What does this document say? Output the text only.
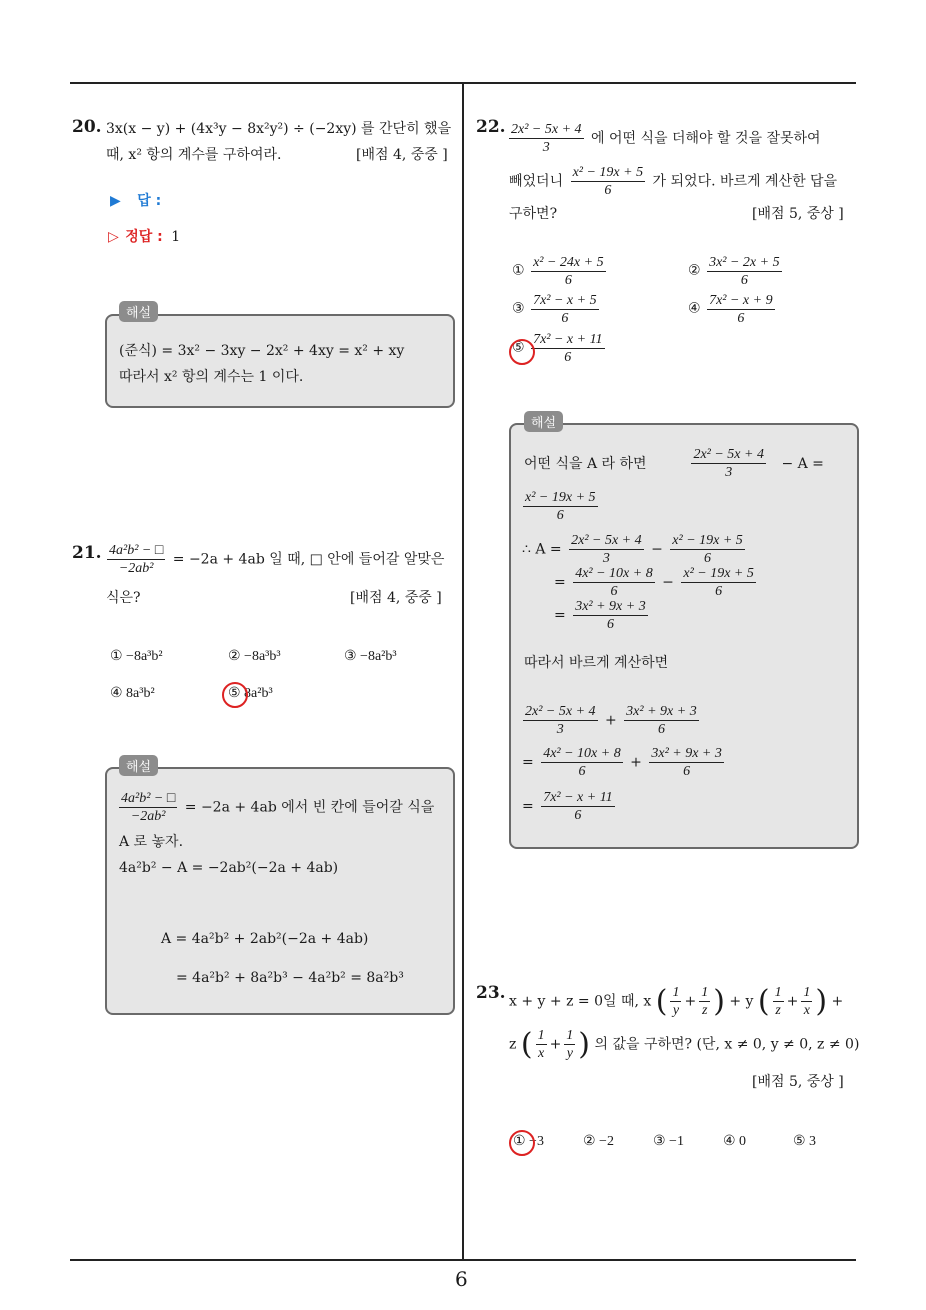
6
20. 3x(x − y) + (4x³y − 8x²y²) ÷ (−2xy) 를 간단히 했을
때, x² 항의 계수를 구하여라.	[배점 4, 중중 ]
▶ 답 :
▷ 정답 : 1
해설
(준식) = 3x² − 3xy − 2x² + 4xy = x² + xy
따라서 x² 항의 계수는 1 이다.
21. $\frac{\text{4a²b² − □}}{\text{−2ab²}} = -2a + 4ab$ 일 때, □ 안에 들어갈 알맞은
식은?	[배점 4, 중중 ]
① −8a³b²	② −8a³b³	③ −8a²b³
④ 8a³b²	⑤ 8a²b³
해설
$\frac{\text{4a²b² − □}}{\text{−2ab²}} = -2a + 4ab$ 에서 빈 칸에 들어갈 식을
A 로 놓자.
4a²b² − A = −2ab²(−2a + 4ab)
A = 4a²b² + 2ab²(−2a + 4ab)
= 4a²b² + 8a²b³ − 4a²b² = 8a²b³
22. $\frac{\text{2x² − 5x + 4}}{3}$ 에 어떤 식을 더해야 할 것을 잘못하여
빼었더니 $\frac{\text{x² − 19x + 5}}{6}$ 가 되었다. 바르게 계산한 답을
구하면?	[배점 5, 중상 ]
① $\frac{\text{x² − 24x + 5}}{6}$	② $\frac{\text{3x² − 2x + 5}}{6}$
③ $\frac{\text{7x² − x + 5}}{6}$	④ $\frac{\text{7x² − x + 9}}{6}$
⑤ $\frac{\text{7x² − x + 11}}{6}$
해설
어떤 식을 A 라 하면	$\frac{\text{2x² − 5x + 4}}{3} - A$ =
$\frac{\text{x² − 19x + 5}}{6}$
∴ $A = \frac{\text{2x² − 5x + 4}}{3} - \frac{\text{x² − 19x + 5}}{6}$
= $\frac{\text{4x² − 10x + 8}}{6} - \frac{\text{x² − 19x + 5}}{6}$
= $\frac{\text{3x² + 9x + 3}}{6}$
따라서 바르게 계산하면
$\frac{\text{2x² − 5x + 4}}{3} + \frac{\text{3x² + 9x + 3}}{6}$
= $\frac{\text{4x² − 10x + 8}}{6} + \frac{\text{3x² + 9x + 3}}{6}$
= $\frac{\text{7x² − x + 11}}{6}$
23. x + y + z = 0일 때, x ( $\frac{1}{y} + \frac{1}{z}$ ) + y ( $\frac{1}{z} + \frac{1}{x}$ ) +
z ( $\frac{1}{x} + \frac{1}{y}$ ) 의 값을 구하면? (단, x ≠ 0, y ≠ 0, z ≠ 0)
[배점 5, 중상 ]
① −3	② −2	③ −1	④ 0	⑤ 3
